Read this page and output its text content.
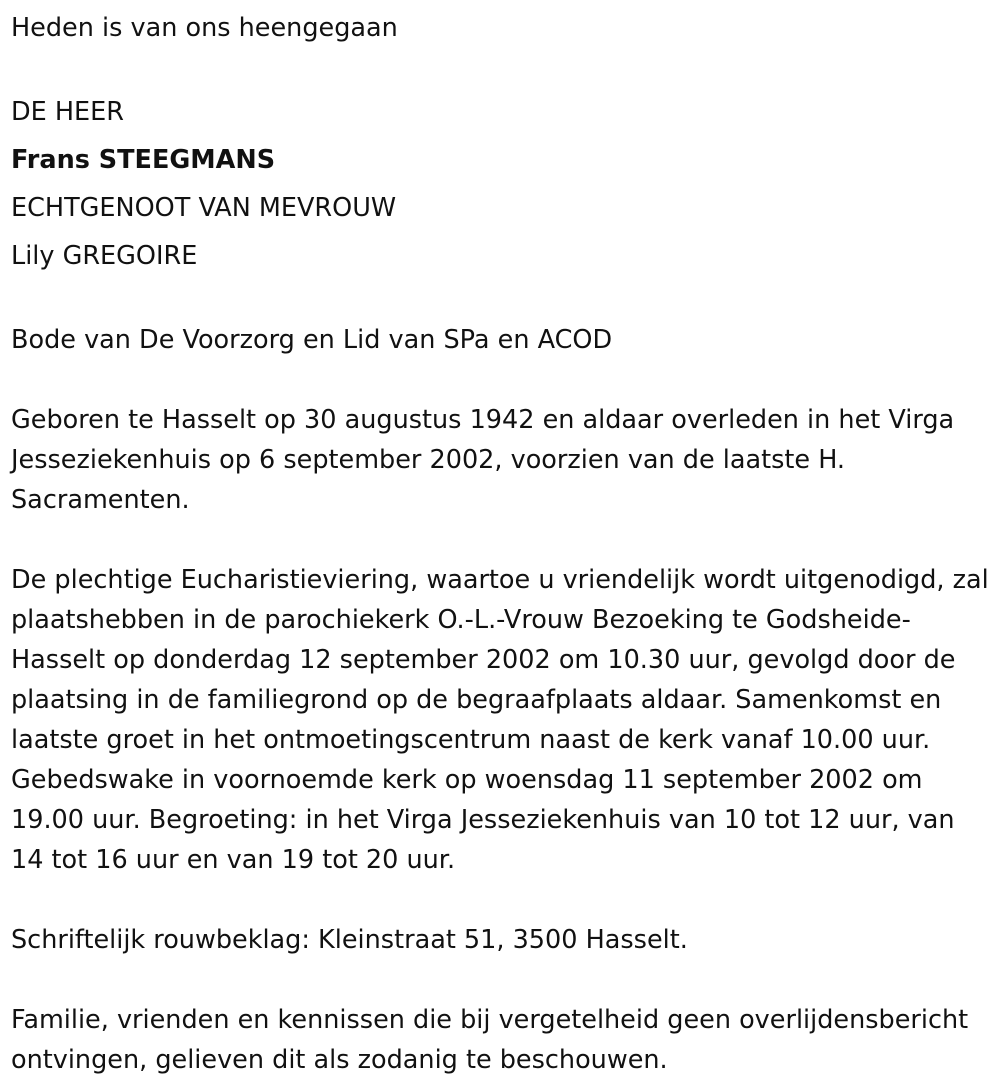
Heden is van ons heengegaan

DE HEER

Frans STEEGMANS

ECHTGENOOT VAN MEVROUW

Lily GREGOIRE

Bode van De Voorzorg en Lid van SPa en ACOD

Geboren te Hasselt op 30 augustus 1942 en aldaar overleden in het Virga Jesseziekenhuis op 6 september 2002, voorzien van de laatste H. Sacramenten.

De plechtige Eucharistieviering, waartoe u vriendelijk wordt uitgenodigd, zal plaatshebben in de parochiekerk O.-L.-Vrouw Bezoeking te Godsheide-Hasselt op donderdag 12 september 2002 om 10.30 uur, gevolgd door de plaatsing in de familiegrond op de begraafplaats aldaar. Samenkomst en laatste groet in het ontmoetingscentrum naast de kerk vanaf 10.00 uur. Gebedswake in voornoemde kerk op woensdag 11 september 2002 om 19.00 uur. Begroeting: in het Virga Jesseziekenhuis van 10 tot 12 uur, van 14 tot 16 uur en van 19 tot 20 uur.

Schriftelijk rouwbeklag: Kleinstraat 51, 3500 Hasselt.

Familie, vrienden en kennissen die bij vergetelheid geen overlijdensbericht ontvingen, gelieven dit als zodanig te beschouwen.
